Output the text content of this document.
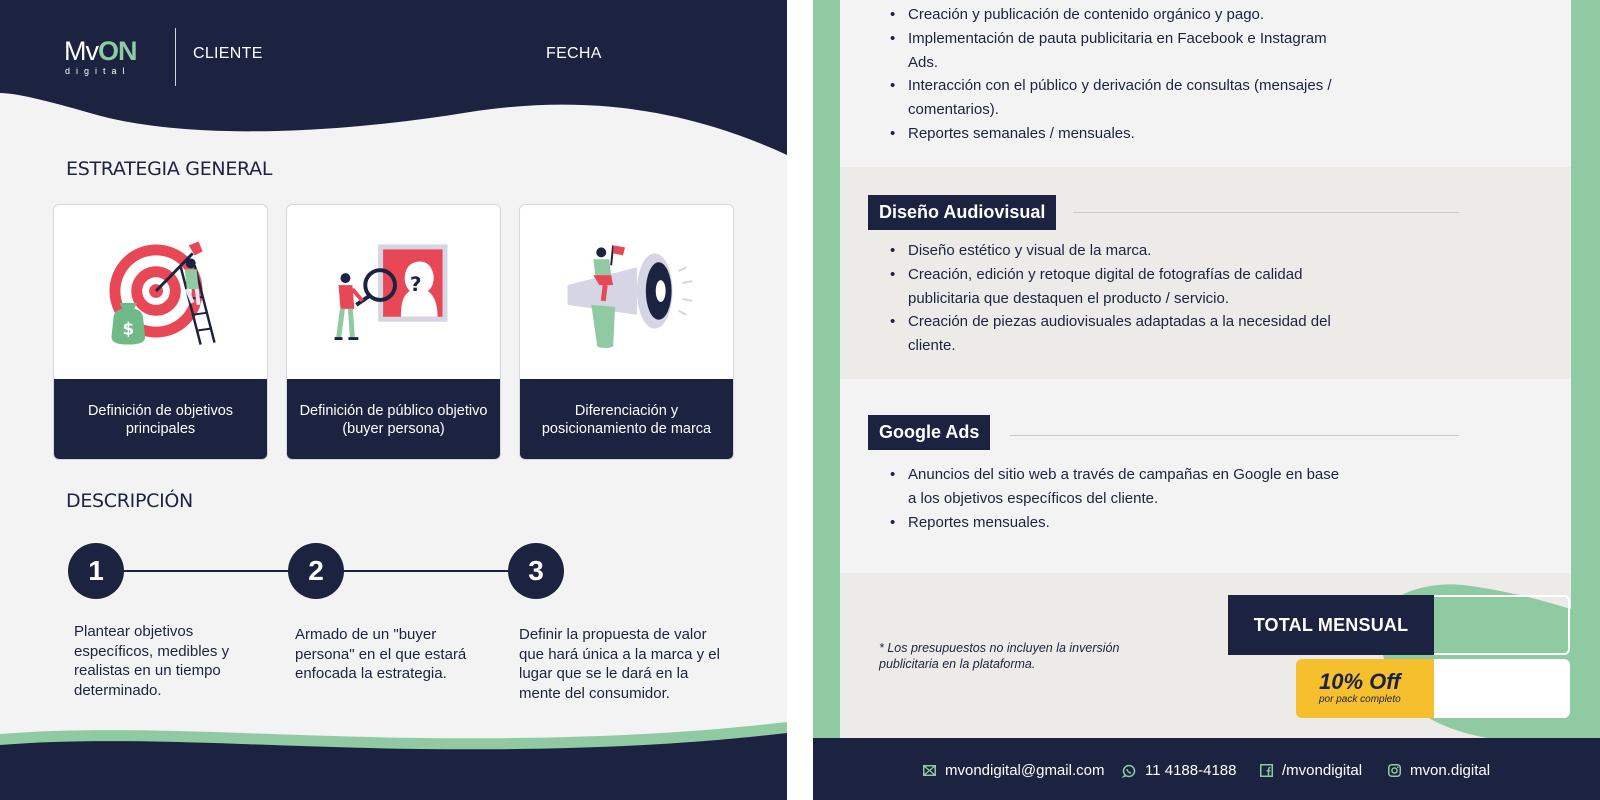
MvON
digital
CLIENTE	FECHA
ESTRATEGIA GENERAL
$
Definición de objetivos principales
?
Definición de público objetivo (buyer persona)
Diferenciación y posicionamiento de marca
DESCRIPCIÓN
1	2	3
Plantear objetivos específicos, medibles y realistas en un tiempo determinado.
Armado de un "buyer persona" en el que estará enfocada la estrategia.
Definir la propuesta de valor que hará única a la marca y el lugar que se le dará en la mente del consumidor.
• Creación y publicación de contenido orgánico y pago.
• Implementación de pauta publicitaria en Facebook e Instagram Ads.
• Interacción con el público y derivación de consultas (mensajes / comentarios).
• Reportes semanales / mensuales.
Diseño Audiovisual
• Diseño estético y visual de la marca.
• Creación, edición y retoque digital de fotografías de calidad publicitaria que destaquen el producto / servicio.
• Creación de piezas audiovisuales adaptadas a la necesidad del cliente.
Google Ads
• Anuncios del sitio web a través de campañas en Google en base a los objetivos específicos del cliente.
• Reportes mensuales.
* Los presupuestos no incluyen la inversión publicitaria en la plataforma.
TOTAL MENSUAL
10% Off
por pack completo
mvondigital@gmail.com	11 4188-4188	/mvondigital	mvon.digital
